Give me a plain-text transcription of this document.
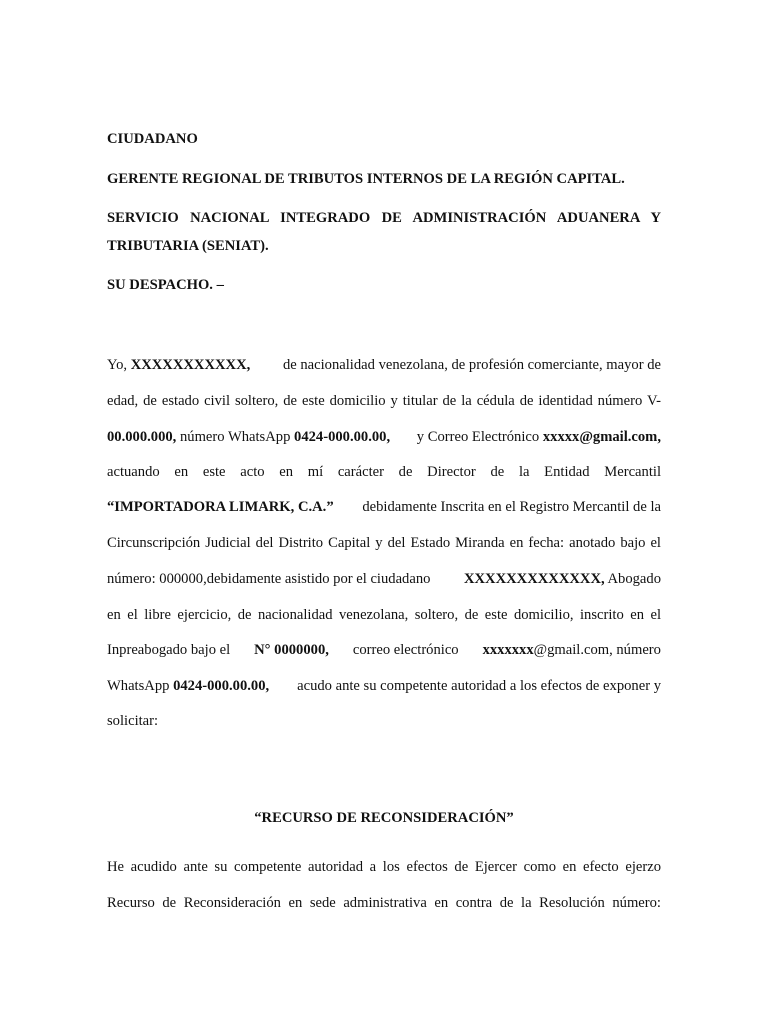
CIUDADANO
GERENTE REGIONAL DE TRIBUTOS INTERNOS DE LA REGIÓN CAPITAL.
SERVICIO NACIONAL INTEGRADO DE ADMINISTRACIÓN ADUANERA Y
TRIBUTARIA (SENIAT).
SU DESPACHO. –
Yo, XXXXXXXXXXX, de nacionalidad venezolana, de profesión comerciante, mayor de
edad, de estado civil soltero, de este domicilio y titular de la cédula de identidad número V-
00.000.000, número WhatsApp 0424-000.00.00, y Correo Electrónico xxxxx@gmail.com,
actuando en este acto en mí carácter de Director de la Entidad Mercantil
“IMPORTADORA LIMARK, C.A.” debidamente Inscrita en el Registro Mercantil de la
Circunscripción Judicial del Distrito Capital y del Estado Miranda en fecha: anotado bajo el
número: 000000,debidamente asistido por el ciudadano XXXXXXXXXXXXX, Abogado
en el libre ejercicio, de nacionalidad venezolana, soltero, de este domicilio, inscrito en el
Inpreabogado bajo el N° 0000000, correo electrónico xxxxxxx@gmail.com, número
WhatsApp 0424-000.00.00, acudo ante su competente autoridad a los efectos de exponer y
solicitar:
“RECURSO DE RECONSIDERACIÓN”
He acudido ante su competente autoridad a los efectos de Ejercer como en efecto ejerzo
Recurso de Reconsideración en sede administrativa en contra de la Resolución número:
